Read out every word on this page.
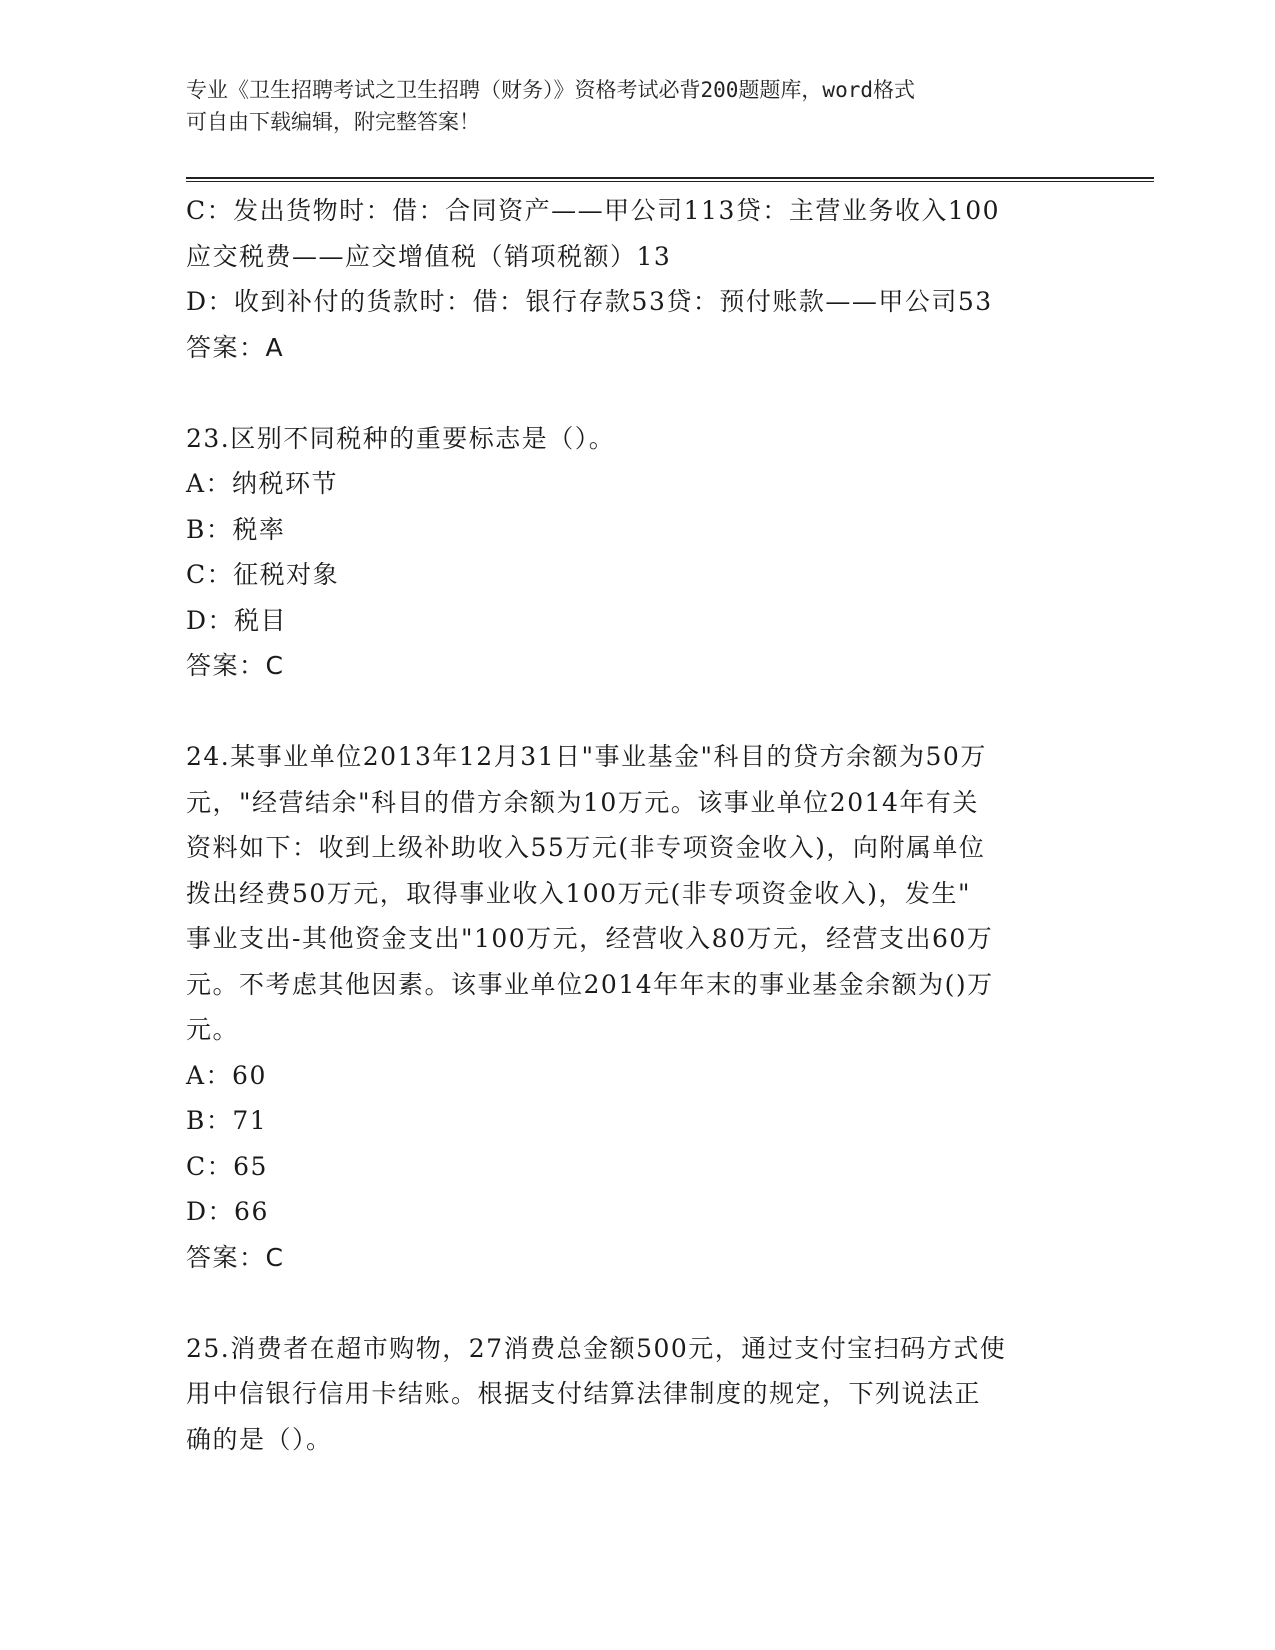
专业《卫生招聘考试之卫生招聘（财务）》资格考试必背200题题库，word格式
可自由下载编辑，附完整答案！
C：发出货物时：借：合同资产——甲公司113贷：主营业务收入100
应交税费——应交增值税（销项税额）13
D：收到补付的货款时：借：银行存款53贷：预付账款——甲公司53
答案：A
23.区别不同税种的重要标志是（）。
A：纳税环节
B：税率
C：征税对象
D：税目
答案：C
24.某事业单位2013年12月31日"事业基金"科目的贷方余额为50万
元，"经营结余"科目的借方余额为10万元。该事业单位2014年有关
资料如下：收到上级补助收入55万元(非专项资金收入)，向附属单位
拨出经费50万元，取得事业收入100万元(非专项资金收入)，发生"
事业支出-其他资金支出"100万元，经营收入80万元，经营支出60万
元。不考虑其他因素。该事业单位2014年年末的事业基金余额为()万
元。
A：60
B：71
C：65
D：66
答案：C
25.消费者在超市购物，27消费总金额500元，通过支付宝扫码方式使
用中信银行信用卡结账。根据支付结算法律制度的规定，下列说法正
确的是（）。
